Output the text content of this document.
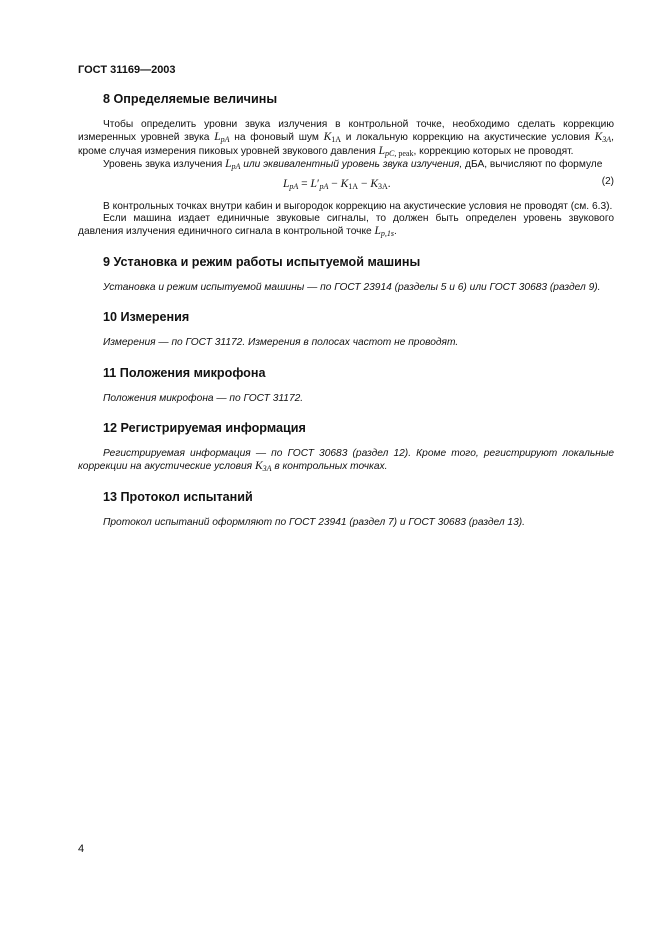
ГОСТ 31169—2003
8 Определяемые величины

Чтобы определить уровни звука излучения в контрольной точке, необходимо сделать коррекцию измеренных уровней звука $L_{pA}$ на фоновый шум $K_{1A}$ и локальную коррекцию на акустические условия $K_{3A}$, кроме случая измерения пиковых уровней звукового давления $L_{pC, peak}$, коррекцию которых не проводят.

Уровень звука излучения $L_{pA}$ или эквивалентный уровень звука излучения, дБА, вычисляют по формуле

$L_{pA} = L'_{pA} - K_{1A} - K_{3A}$.	(2)

В контрольных точках внутри кабин и выгородок коррекцию на акустические условия не проводят (см. 6.3).

Если машина издает единичные звуковые сигналы, то должен быть определен уровень звукового давления излучения единичного сигнала в контрольной точке $L_{p,1s}$.

9 Установка и режим работы испытуемой машины

Установка и режим испытуемой машины — по ГОСТ 23914 (разделы 5 и 6) или ГОСТ 30683 (раздел 9).

10 Измерения

Измерения — по ГОСТ 31172. Измерения в полосах частот не проводят.

11 Положения микрофона

Положения микрофона — по ГОСТ 31172.

12 Регистрируемая информация

Регистрируемая информация — по ГОСТ 30683 (раздел 12). Кроме того, регистрируют локальные коррекции на акустические условия $K_{3A}$ в контрольных точках.

13 Протокол испытаний

Протокол испытаний оформляют по ГОСТ 23941 (раздел 7) и ГОСТ 30683 (раздел 13).

4
